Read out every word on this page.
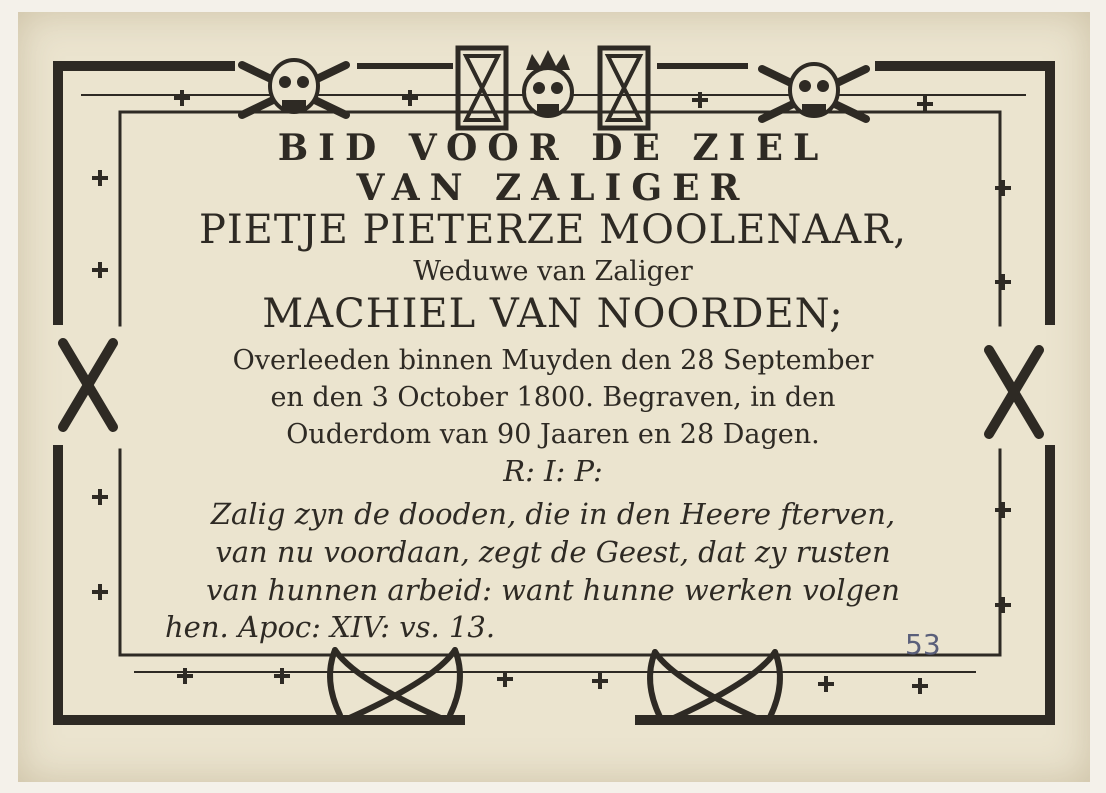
BID VOOR DE ZIEL
VAN ZALIGER
PIETJE PIETERZE MOOLENAAR,
Weduwe van Zaliger
MACHIEL VAN NOORDEN;
Overleeden binnen Muyden den 28 September
en den 3 October 1800. Begraven, in den
Ouderdom van 90 Jaaren en 28 Dagen.
R: I: P:
Zalig zyn de dooden, die in den Heere fterven,
van nu voordaan, zegt de Geest, dat zy rusten
van hunnen arbeid: want hunne werken volgen
hen. Apoc: XIV: vs. 13.
53
